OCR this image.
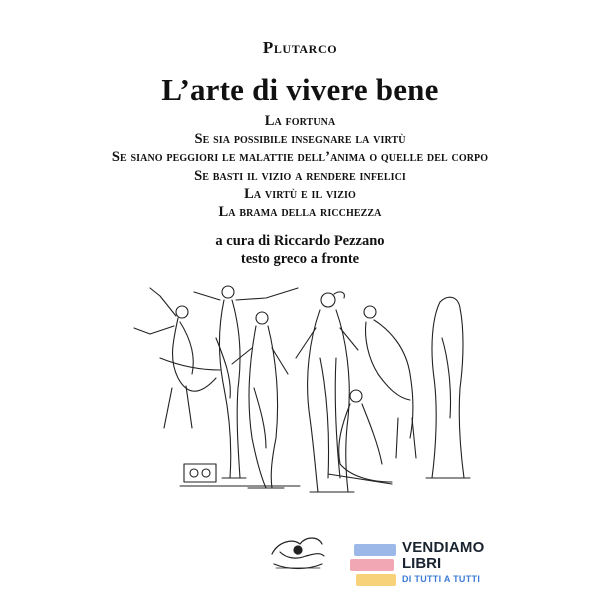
Plutarco
L’arte di vivere bene
La fortuna
Se sia possibile insegnare la virtù
Se siano peggiori le malattie dell’anima o quelle del corpo
Se basti il vizio a rendere infelici
La virtù e il vizio
La brama della ricchezza
a cura di Riccardo Pezzano
testo greco a fronte
VENDIAMO
LIBRI
DI TUTTI A TUTTI
